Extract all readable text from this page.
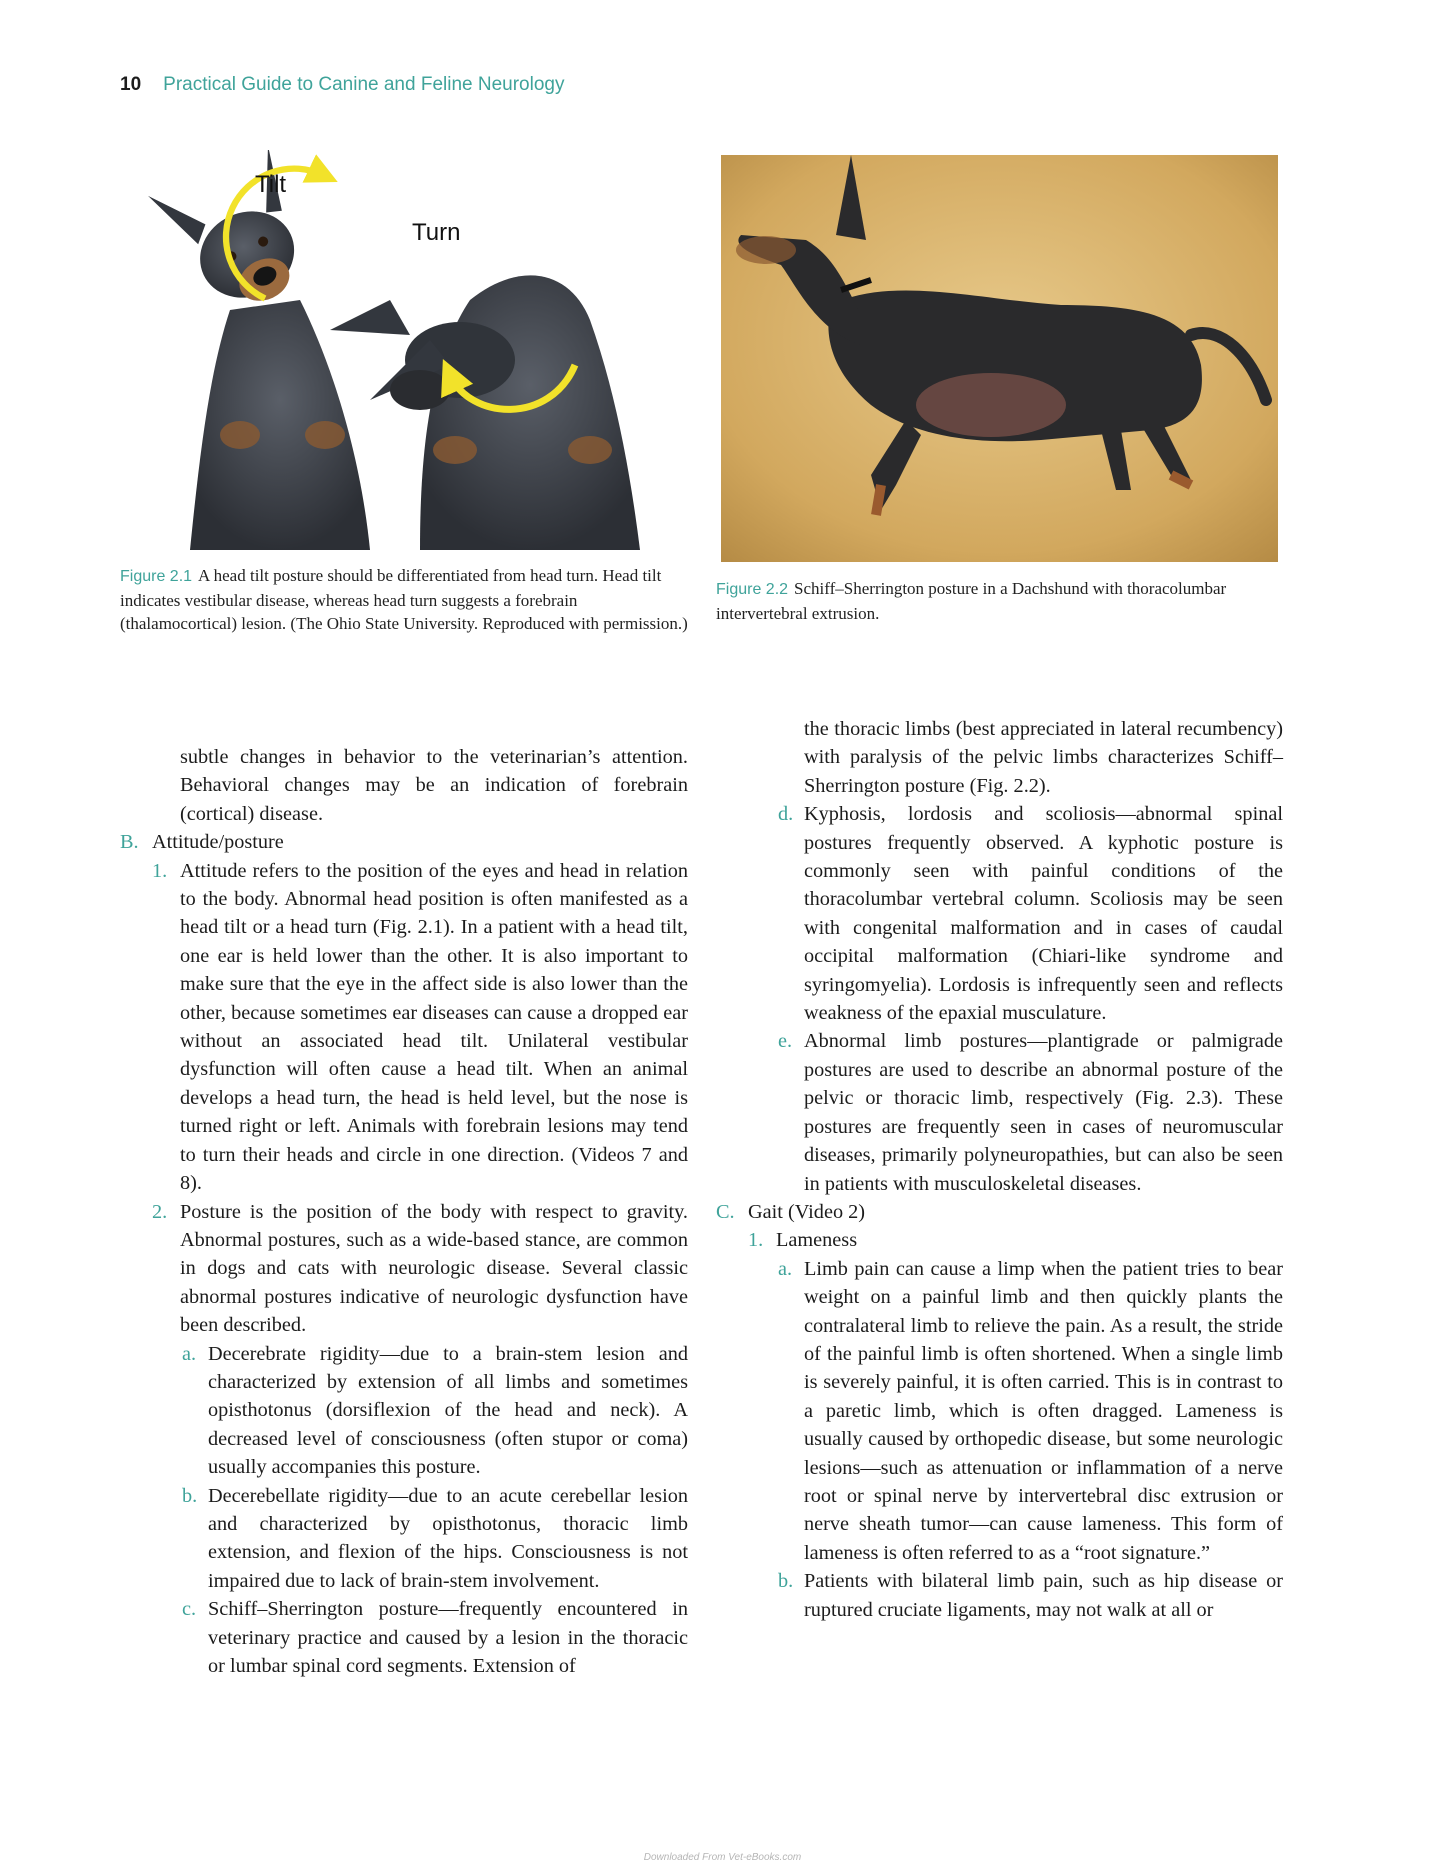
10 Practical Guide to Canine and Feline Neurology
Tilt
Turn
Figure 2.1 A head tilt posture should be differentiated from head turn. Head tilt indicates vestibular disease, whereas head turn suggests a forebrain (thalamocortical) lesion. (The Ohio State University. Reproduced with permission.)
Figure 2.2 Schiff–Sherrington posture in a Dachshund with thoracolumbar intervertebral extrusion.
subtle changes in behavior to the veterinarian’s attention. Behavioral changes may be an indication of forebrain (cortical) disease.
B. Attitude/posture
1. Attitude refers to the position of the eyes and head in relation to the body. Abnormal head position is often manifested as a head tilt or a head turn (Fig. 2.1). In a patient with a head tilt, one ear is held lower than the other. It is also important to make sure that the eye in the affect side is also lower than the other, because sometimes ear diseases can cause a dropped ear without an associated head tilt. Unilateral vestibular dysfunction will often cause a head tilt. When an animal develops a head turn, the head is held level, but the nose is turned right or left. Animals with forebrain lesions may tend to turn their heads and circle in one direction. (Videos 7 and 8).
2. Posture is the position of the body with respect to gravity. Abnormal postures, such as a wide-based stance, are common in dogs and cats with neurologic disease. Several classic abnormal postures indicative of neurologic dysfunction have been described.
a. Decerebrate rigidity—due to a brain-stem lesion and characterized by extension of all limbs and sometimes opisthotonus (dorsiflexion of the head and neck). A decreased level of consciousness (often stupor or coma) usually accompanies this posture.
b. Decerebellate rigidity—due to an acute cerebellar lesion and characterized by opisthotonus, thoracic limb extension, and flexion of the hips. Consciousness is not impaired due to lack of brain-stem involvement.
c. Schiff–Sherrington posture—frequently encountered in veterinary practice and caused by a lesion in the thoracic or lumbar spinal cord segments. Extension of
the thoracic limbs (best appreciated in lateral recumbency) with paralysis of the pelvic limbs characterizes Schiff–Sherrington posture (Fig. 2.2).
d. Kyphosis, lordosis and scoliosis—abnormal spinal postures frequently observed. A kyphotic posture is commonly seen with painful conditions of the thoracolumbar vertebral column. Scoliosis may be seen with congenital malformation and in cases of caudal occipital malformation (Chiari-like syndrome and syringomyelia). Lordosis is infrequently seen and reflects weakness of the epaxial musculature.
e. Abnormal limb postures—plantigrade or palmigrade postures are used to describe an abnormal posture of the pelvic or thoracic limb, respectively (Fig. 2.3). These postures are frequently seen in cases of neuromuscular diseases, primarily polyneuropathies, but can also be seen in patients with musculoskeletal diseases.
C. Gait (Video 2)
1. Lameness
a. Limb pain can cause a limp when the patient tries to bear weight on a painful limb and then quickly plants the contralateral limb to relieve the pain. As a result, the stride of the painful limb is often shortened. When a single limb is severely painful, it is often carried. This is in contrast to a paretic limb, which is often dragged. Lameness is usually caused by orthopedic disease, but some neurologic lesions—such as attenuation or inflammation of a nerve root or spinal nerve by intervertebral disc extrusion or nerve sheath tumor—can cause lameness. This form of lameness is often referred to as a “root signature.”
b. Patients with bilateral limb pain, such as hip disease or ruptured cruciate ligaments, may not walk at all or
Downloaded From Vet-eBooks.com
